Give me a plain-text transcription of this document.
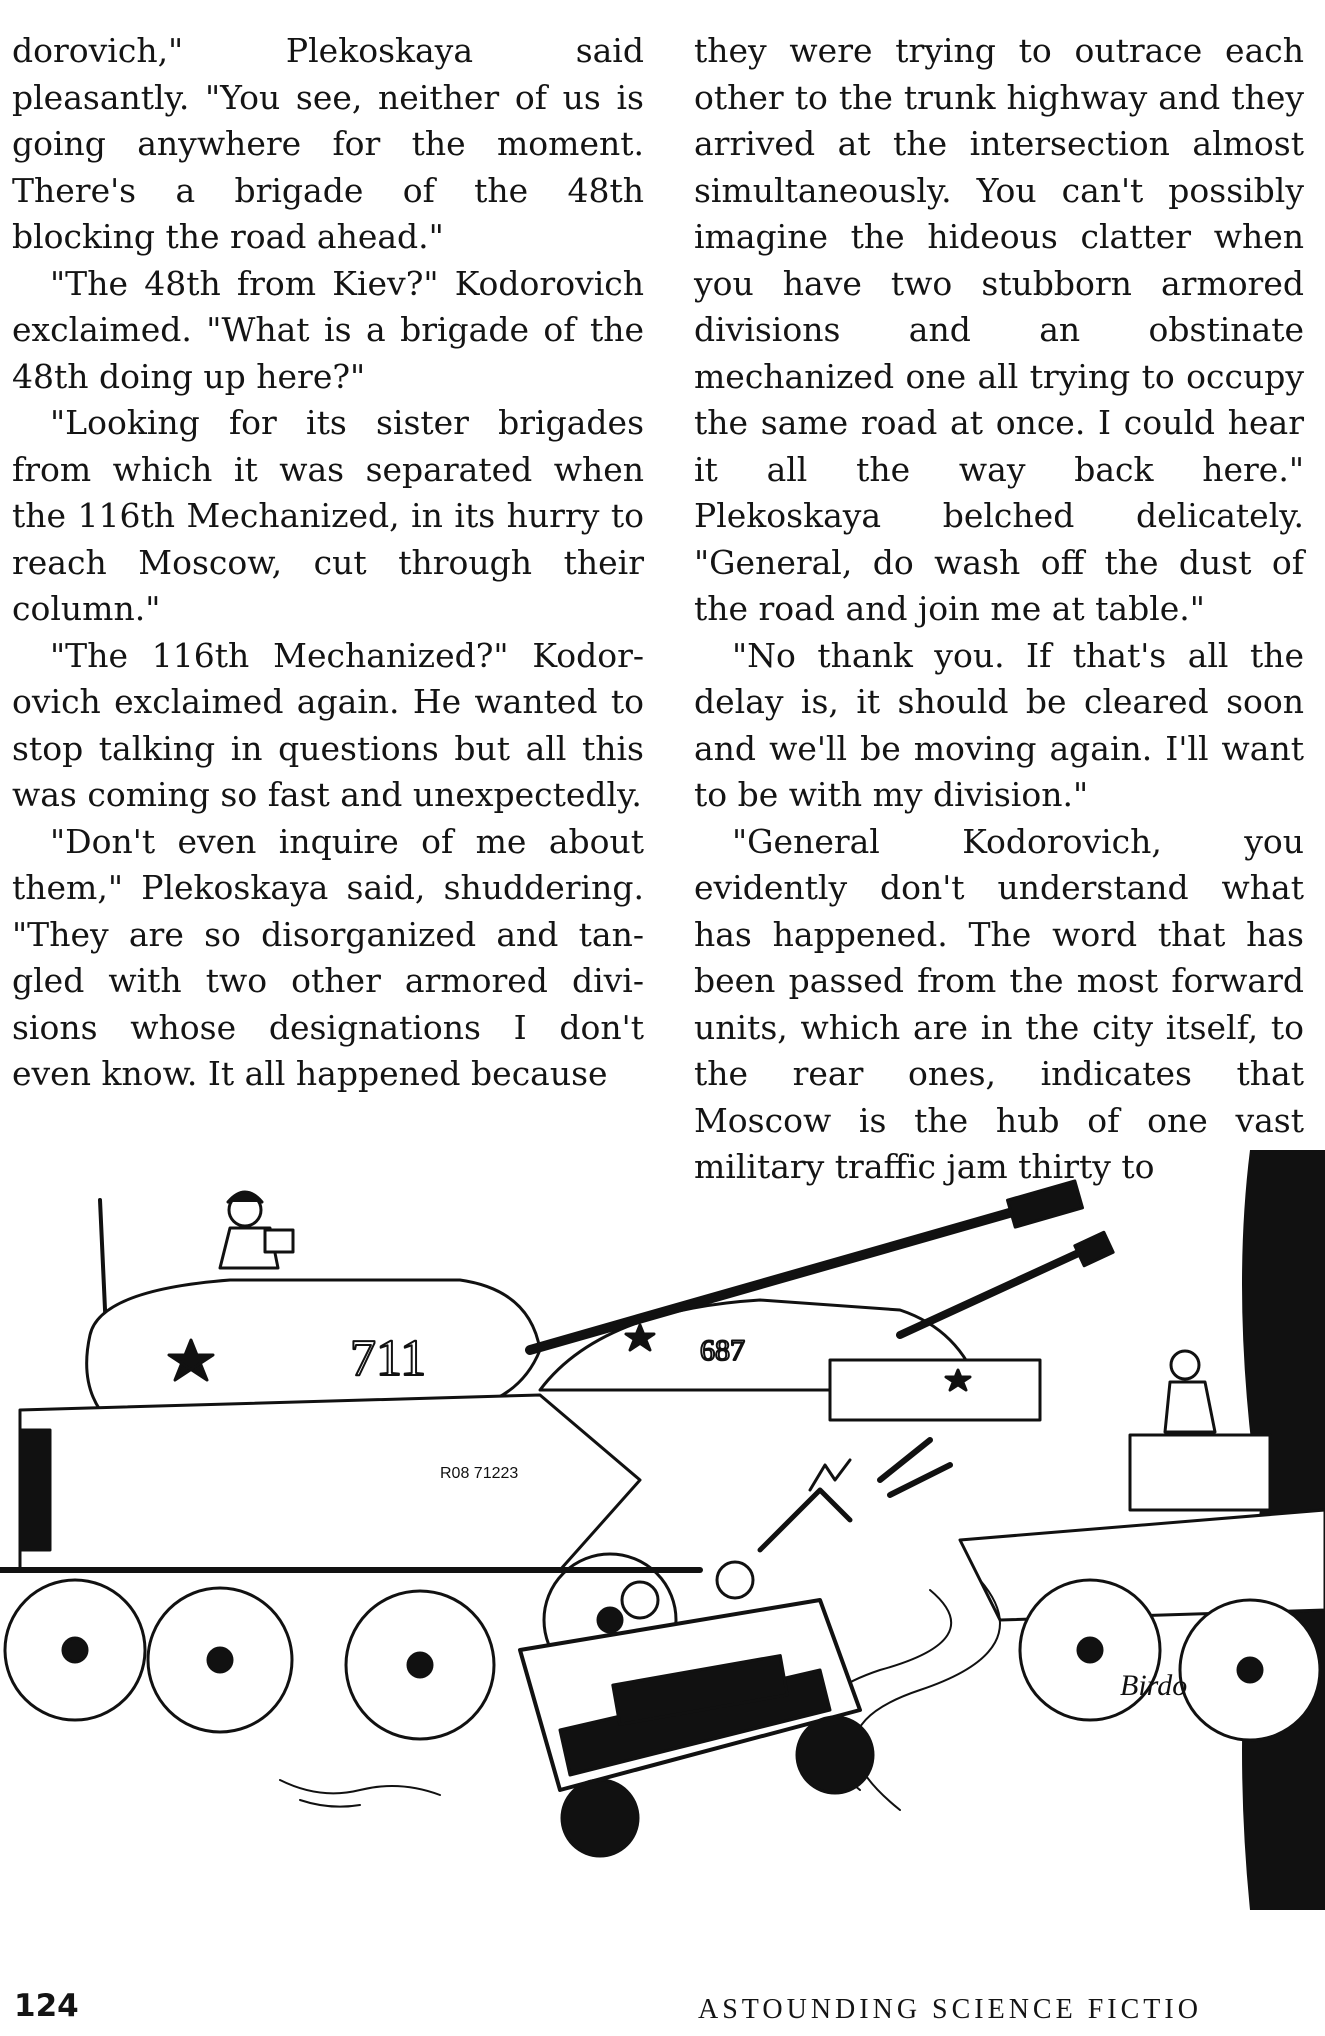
dorovich," Plekoskaya said pleasantly. "You see, neither of us is going anywhere for the moment. There's a brigade of the 48th blocking the road ahead."

"The 48th from Kiev?" Kodorovich exclaimed. "What is a brigade of the 48th doing up here?"

"Looking for its sister brigades from which it was separated when the 116th Mechanized, in its hurry to reach Moscow, cut through their column."

"The 116th Mechanized?" Kodorovich exclaimed again. He wanted to stop talking in questions but all this was coming so fast and unexpectedly.

"Don't even inquire of me about them," Plekoskaya said, shuddering. "They are so disorganized and tangled with two other armored divisions whose designations I don't even know. It all happened because

they were trying to outrace each other to the trunk highway and they arrived at the intersection almost simultaneously. You can't possibly imagine the hideous clatter when you have two stubborn armored divisions and an obstinate mechanized one all trying to occupy the same road at once. I could hear it all the way back here." Plekoskaya belched delicately. "General, do wash off the dust of the road and join me at table."

"No thank you. If that's all the delay is, it should be cleared soon and we'll be moving again. I'll want to be with my division."

"General Kodorovich, you evidently don't understand what has happened. The word that has been passed from the most forward units, which are in the city itself, to the rear ones, indicates that Moscow is the hub of one vast military traffic jam thirty to

687
711
R08 71223
Birdo
124	ASTOUNDING SCIENCE FICTIO
